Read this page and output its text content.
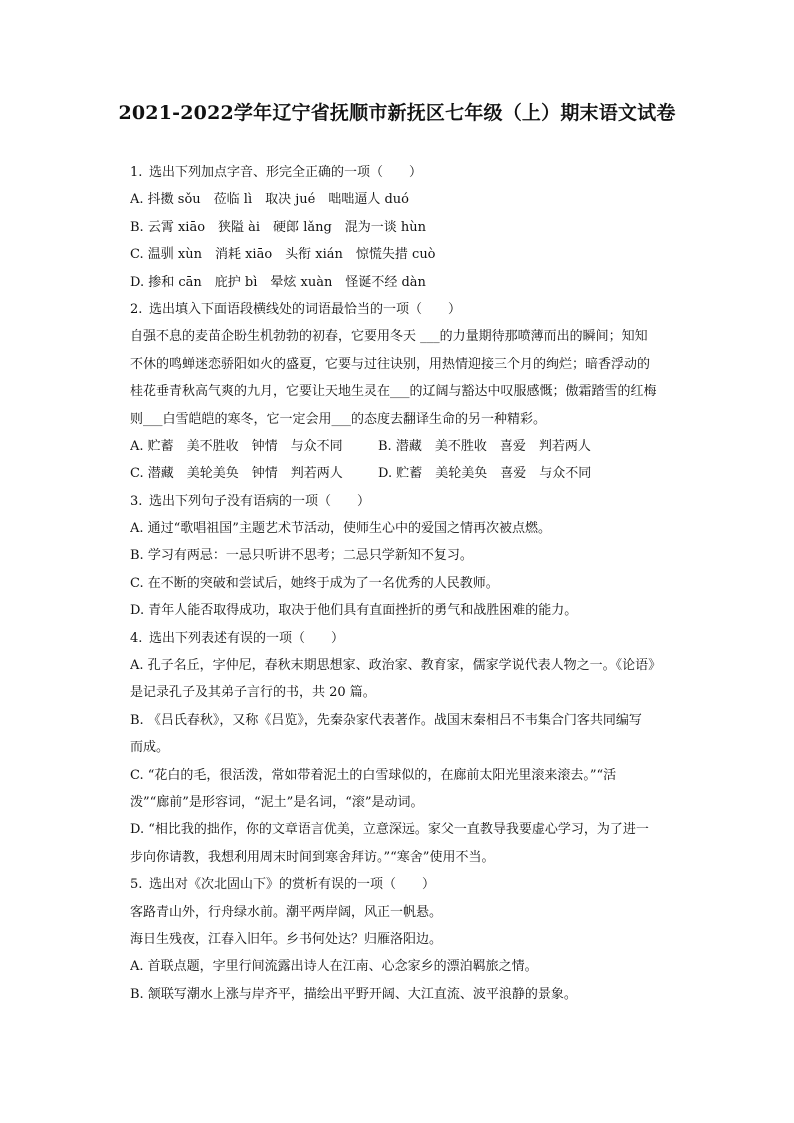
2021-2022学年辽宁省抚顺市新抚区七年级（上）期末语文试卷
1. 选出下列加点字音、形完全正确的一项（　　）
A. 抖擞 sǒu　莅临 lì　取决 jué　咄咄逼人 duó
B. 云霄 xiāo　狭隘 ài　硬郎 lǎng　混为一谈 hùn
C. 温驯 xùn　消耗 xiāo　头衔 xián　惊慌失措 cuò
D. 掺和 cān　庇护 bì　晕炫 xuàn　怪诞不经 dàn
2. 选出填入下面语段横线处的词语最恰当的一项（　　）
自强不息的麦苗企盼生机勃勃的初春，它要用冬天 ___的力量期待那喷薄而出的瞬间；知知
不休的鸣蝉迷恋骄阳如火的盛夏，它要与过往诀别，用热情迎接三个月的绚烂；暗香浮动的
桂花垂青秋高气爽的九月，它要让天地生灵在___的辽阔与豁达中叹服感慨；傲霜踏雪的红梅
则___白雪皑皑的寒冬，它一定会用___的态度去翻译生命的另一种精彩。
A. 贮蓄　美不胜收　钟情　与众不同	B. 潜藏　美不胜收　喜爱　判若两人
C. 潜藏　美轮美奂　钟情　判若两人	D. 贮蓄　美轮美奂　喜爱　与众不同
3. 选出下列句子没有语病的一项（　　）
A. 通过“歌唱祖国”主题艺术节活动，使师生心中的爱国之情再次被点燃。
B. 学习有两忌：一忌只听讲不思考；二忌只学新知不复习。
C. 在不断的突破和尝试后，她终于成为了一名优秀的人民教师。
D. 青年人能否取得成功，取决于他们具有直面挫折的勇气和战胜困难的能力。
4. 选出下列表述有误的一项（　　）
A. 孔子名丘，字仲尼，春秋末期思想家、政治家、教育家，儒家学说代表人物之一。《论语》
是记录孔子及其弟子言行的书，共 20 篇。
B. 《吕氏春秋》，又称《吕览》，先秦杂家代表著作。战国末秦相吕不韦集合门客共同编写
而成。
C. “花白的毛，很活泼，常如带着泥土的白雪球似的，在廊前太阳光里滚来滚去。”“活
泼”“廊前”是形容词，“泥土”是名词，“滚”是动词。
D. “相比我的拙作，你的文章语言优美，立意深远。家父一直教导我要虚心学习，为了进一
步向你请教，我想利用周末时间到寒舍拜访。”“寒舍”使用不当。
5. 选出对《次北固山下》的赏析有误的一项（　　）
客路青山外，行舟绿水前。潮平两岸阔，风正一帆悬。
海日生残夜，江春入旧年。乡书何处达？归雁洛阳边。
A. 首联点题，字里行间流露出诗人在江南、心念家乡的漂泊羁旅之情。
B. 颔联写潮水上涨与岸齐平，描绘出平野开阔、大江直流、波平浪静的景象。
